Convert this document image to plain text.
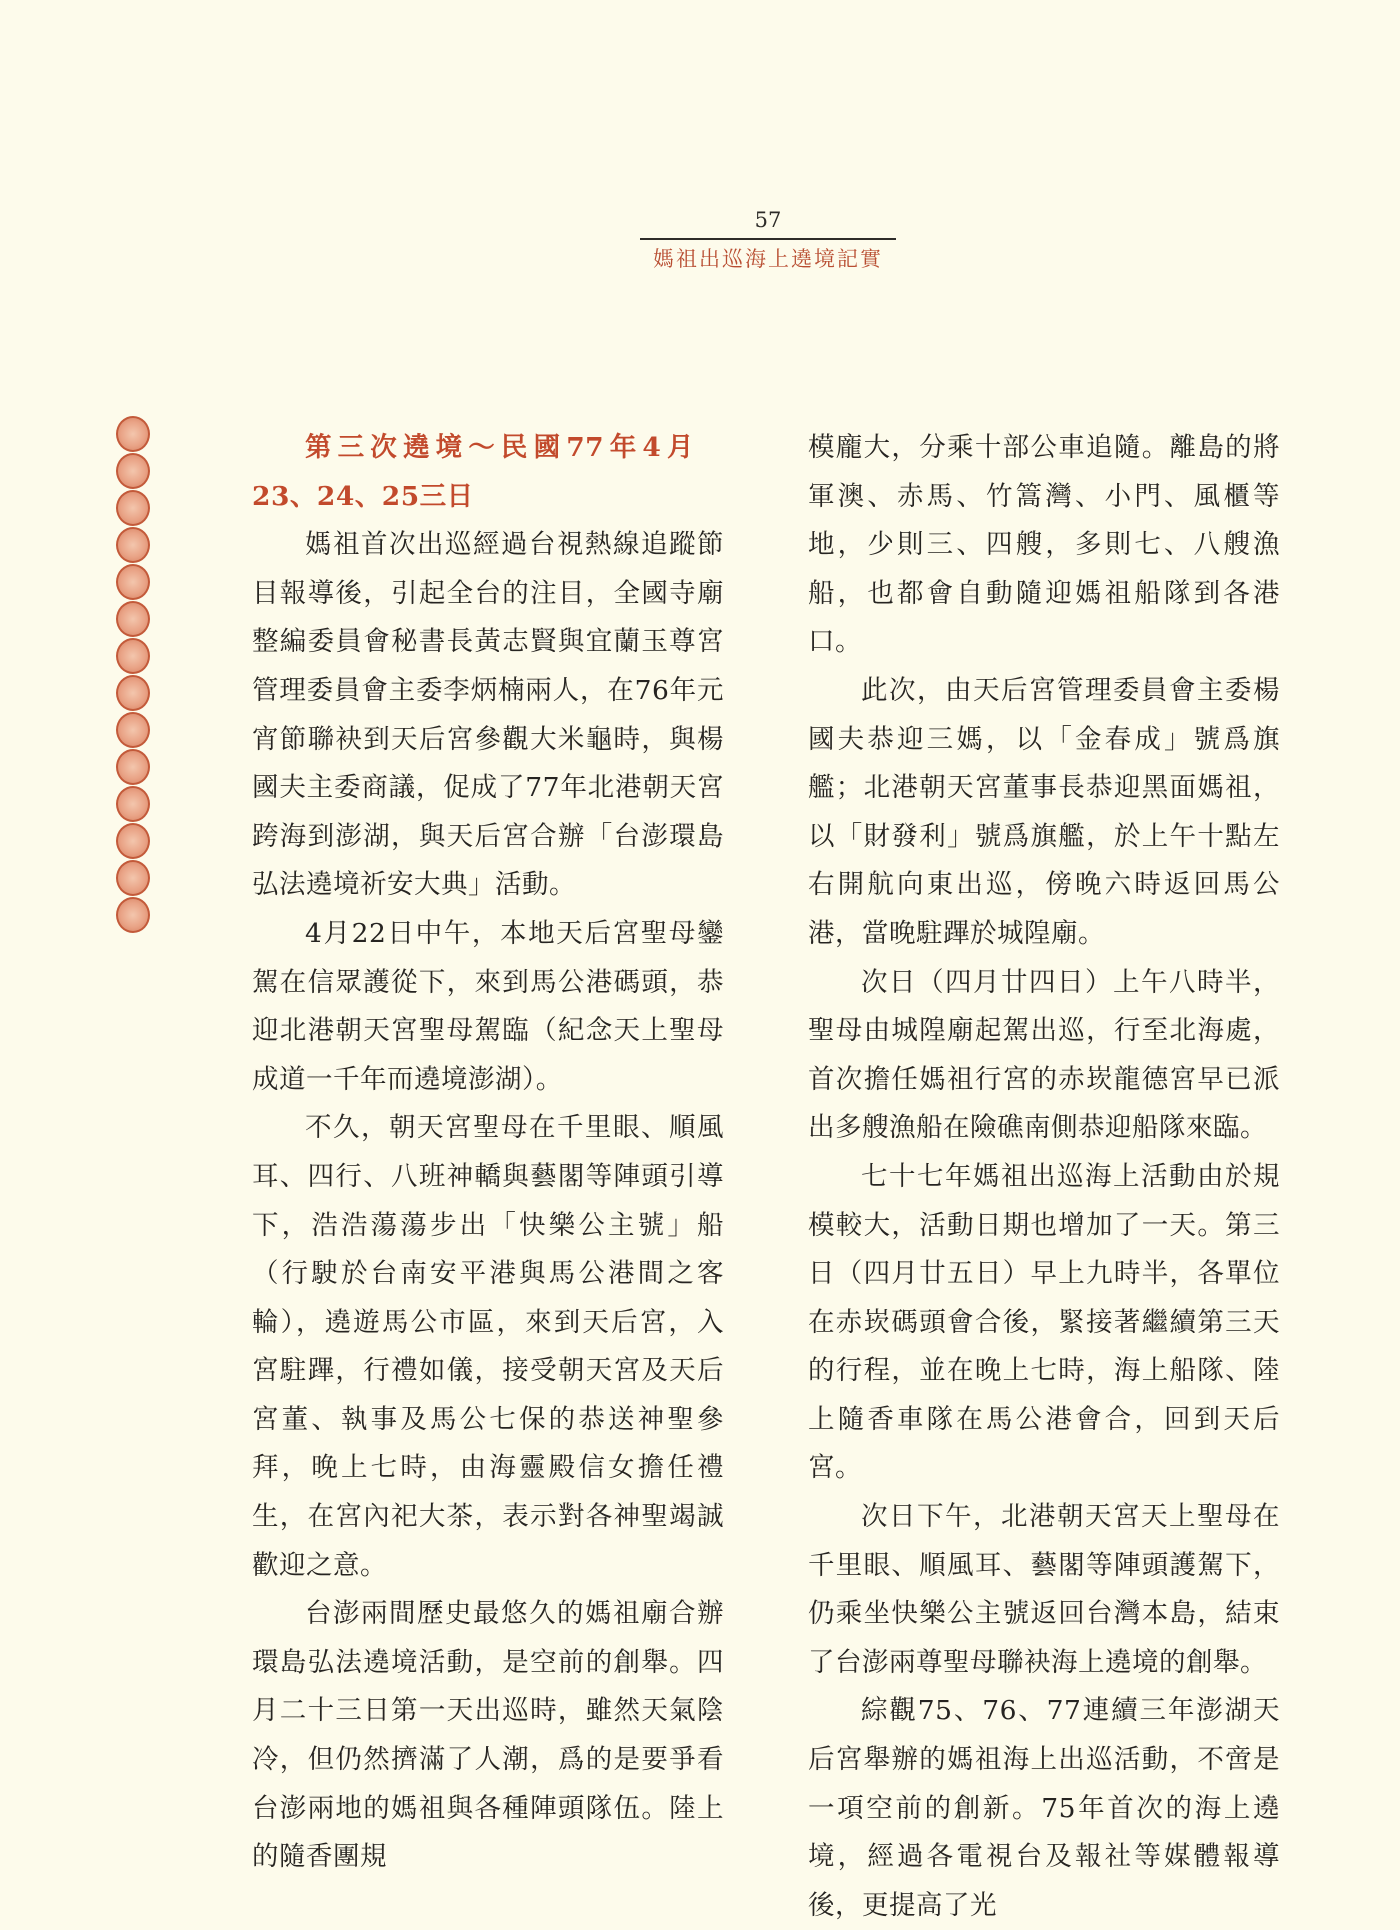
57
媽祖出巡海上遶境記實

第三次遶境～民國77年4月23、24、25三日

媽祖首次出巡經過台視熱線追蹤節目報導後，引起全台的注目，全國寺廟整編委員會秘書長黃志賢與宜蘭玉尊宮管理委員會主委李炳楠兩人，在76年元宵節聯袂到天后宮參觀大米龜時，與楊國夫主委商議，促成了77年北港朝天宮跨海到澎湖，與天后宮合辦「台澎環島弘法遶境祈安大典」活動。

4月22日中午，本地天后宮聖母鑾駕在信眾護從下，來到馬公港碼頭，恭迎北港朝天宮聖母駕臨（紀念天上聖母成道一千年而遶境澎湖）。

不久，朝天宮聖母在千里眼、順風耳、四行、八班神轎與藝閣等陣頭引導下，浩浩蕩蕩步出「快樂公主號」船（行駛於台南安平港與馬公港間之客輪），遶遊馬公市區，來到天后宮，入宮駐蹕，行禮如儀，接受朝天宮及天后宮董、執事及馬公七保的恭送神聖參拜，晚上七時，由海靈殿信女擔任禮生，在宮內祀大茶，表示對各神聖竭誠歡迎之意。

台澎兩間歷史最悠久的媽祖廟合辦環島弘法遶境活動，是空前的創舉。四月二十三日第一天出巡時，雖然天氣陰冷，但仍然擠滿了人潮，爲的是要爭看台澎兩地的媽祖與各種陣頭隊伍。陸上的隨香團規

模龐大，分乘十部公車追隨。離島的將軍澳、赤馬、竹篙灣、小門、風櫃等地，少則三、四艘，多則七、八艘漁船，也都會自動隨迎媽祖船隊到各港口。

此次，由天后宮管理委員會主委楊國夫恭迎三媽，以「金春成」號爲旗艦；北港朝天宮董事長恭迎黑面媽祖，以「財發利」號爲旗艦，於上午十點左右開航向東出巡，傍晚六時返回馬公港，當晚駐蹕於城隍廟。

次日（四月廿四日）上午八時半，聖母由城隍廟起駕出巡，行至北海處，首次擔任媽祖行宮的赤崁龍德宮早已派出多艘漁船在險礁南側恭迎船隊來臨。

七十七年媽祖出巡海上活動由於規模較大，活動日期也增加了一天。第三日（四月廿五日）早上九時半，各單位在赤崁碼頭會合後，緊接著繼續第三天的行程，並在晚上七時，海上船隊、陸上隨香車隊在馬公港會合，回到天后宮。

次日下午，北港朝天宮天上聖母在千里眼、順風耳、藝閣等陣頭護駕下，仍乘坐快樂公主號返回台灣本島，結束了台澎兩尊聖母聯袂海上遶境的創舉。

綜觀75、76、77連續三年澎湖天后宮舉辦的媽祖海上出巡活動，不啻是一項空前的創新。75年首次的海上遶境，經過各電視台及報社等媒體報導後，更提高了光
